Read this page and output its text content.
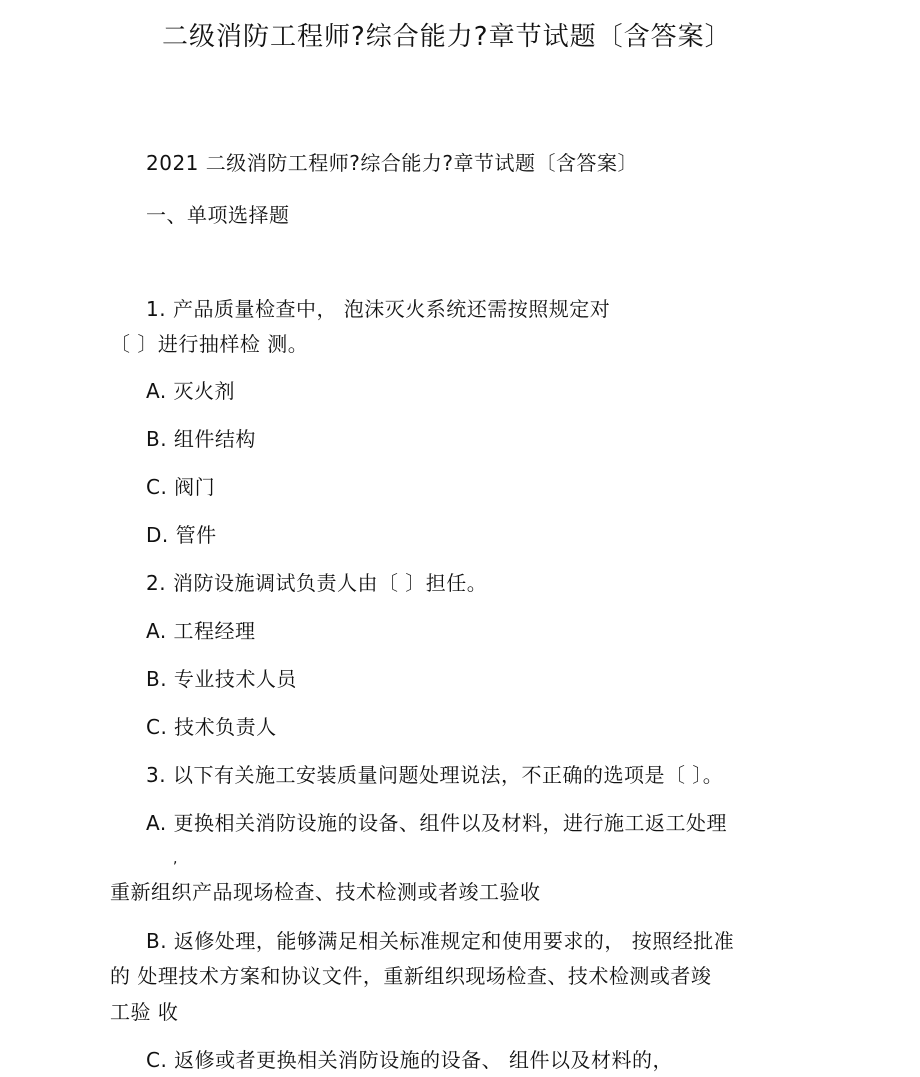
二级消防工程师?综合能力?章节试题〔含答案〕
2021 二级消防工程师?综合能力?章节试题〔含答案〕
一、单项选择题
1. 产品质量检查中， 泡沫灭火系统还需按照规定对
〔 〕进行抽样检 测。
A. 灭火剂
B. 组件结构
C. 阀门
D. 管件
2. 消防设施调试负责人由〔 〕担任。
A. 工程经理
B. 专业技术人员
C. 技术负责人
3. 以下有关施工安装质量问题处理说法，不正确的选项是〔 〕。
A. 更换相关消防设施的设备、组件以及材料，进行施工返工处理
,
重新组织产品现场检查、技术检测或者竣工验收
B. 返修处理，能够满足相关标准规定和使用要求的， 按照经批准
的 处理技术方案和协议文件，重新组织现场检查、技术检测或者竣
工验 收
C. 返修或者更换相关消防设施的设备、 组件以及材料的，
